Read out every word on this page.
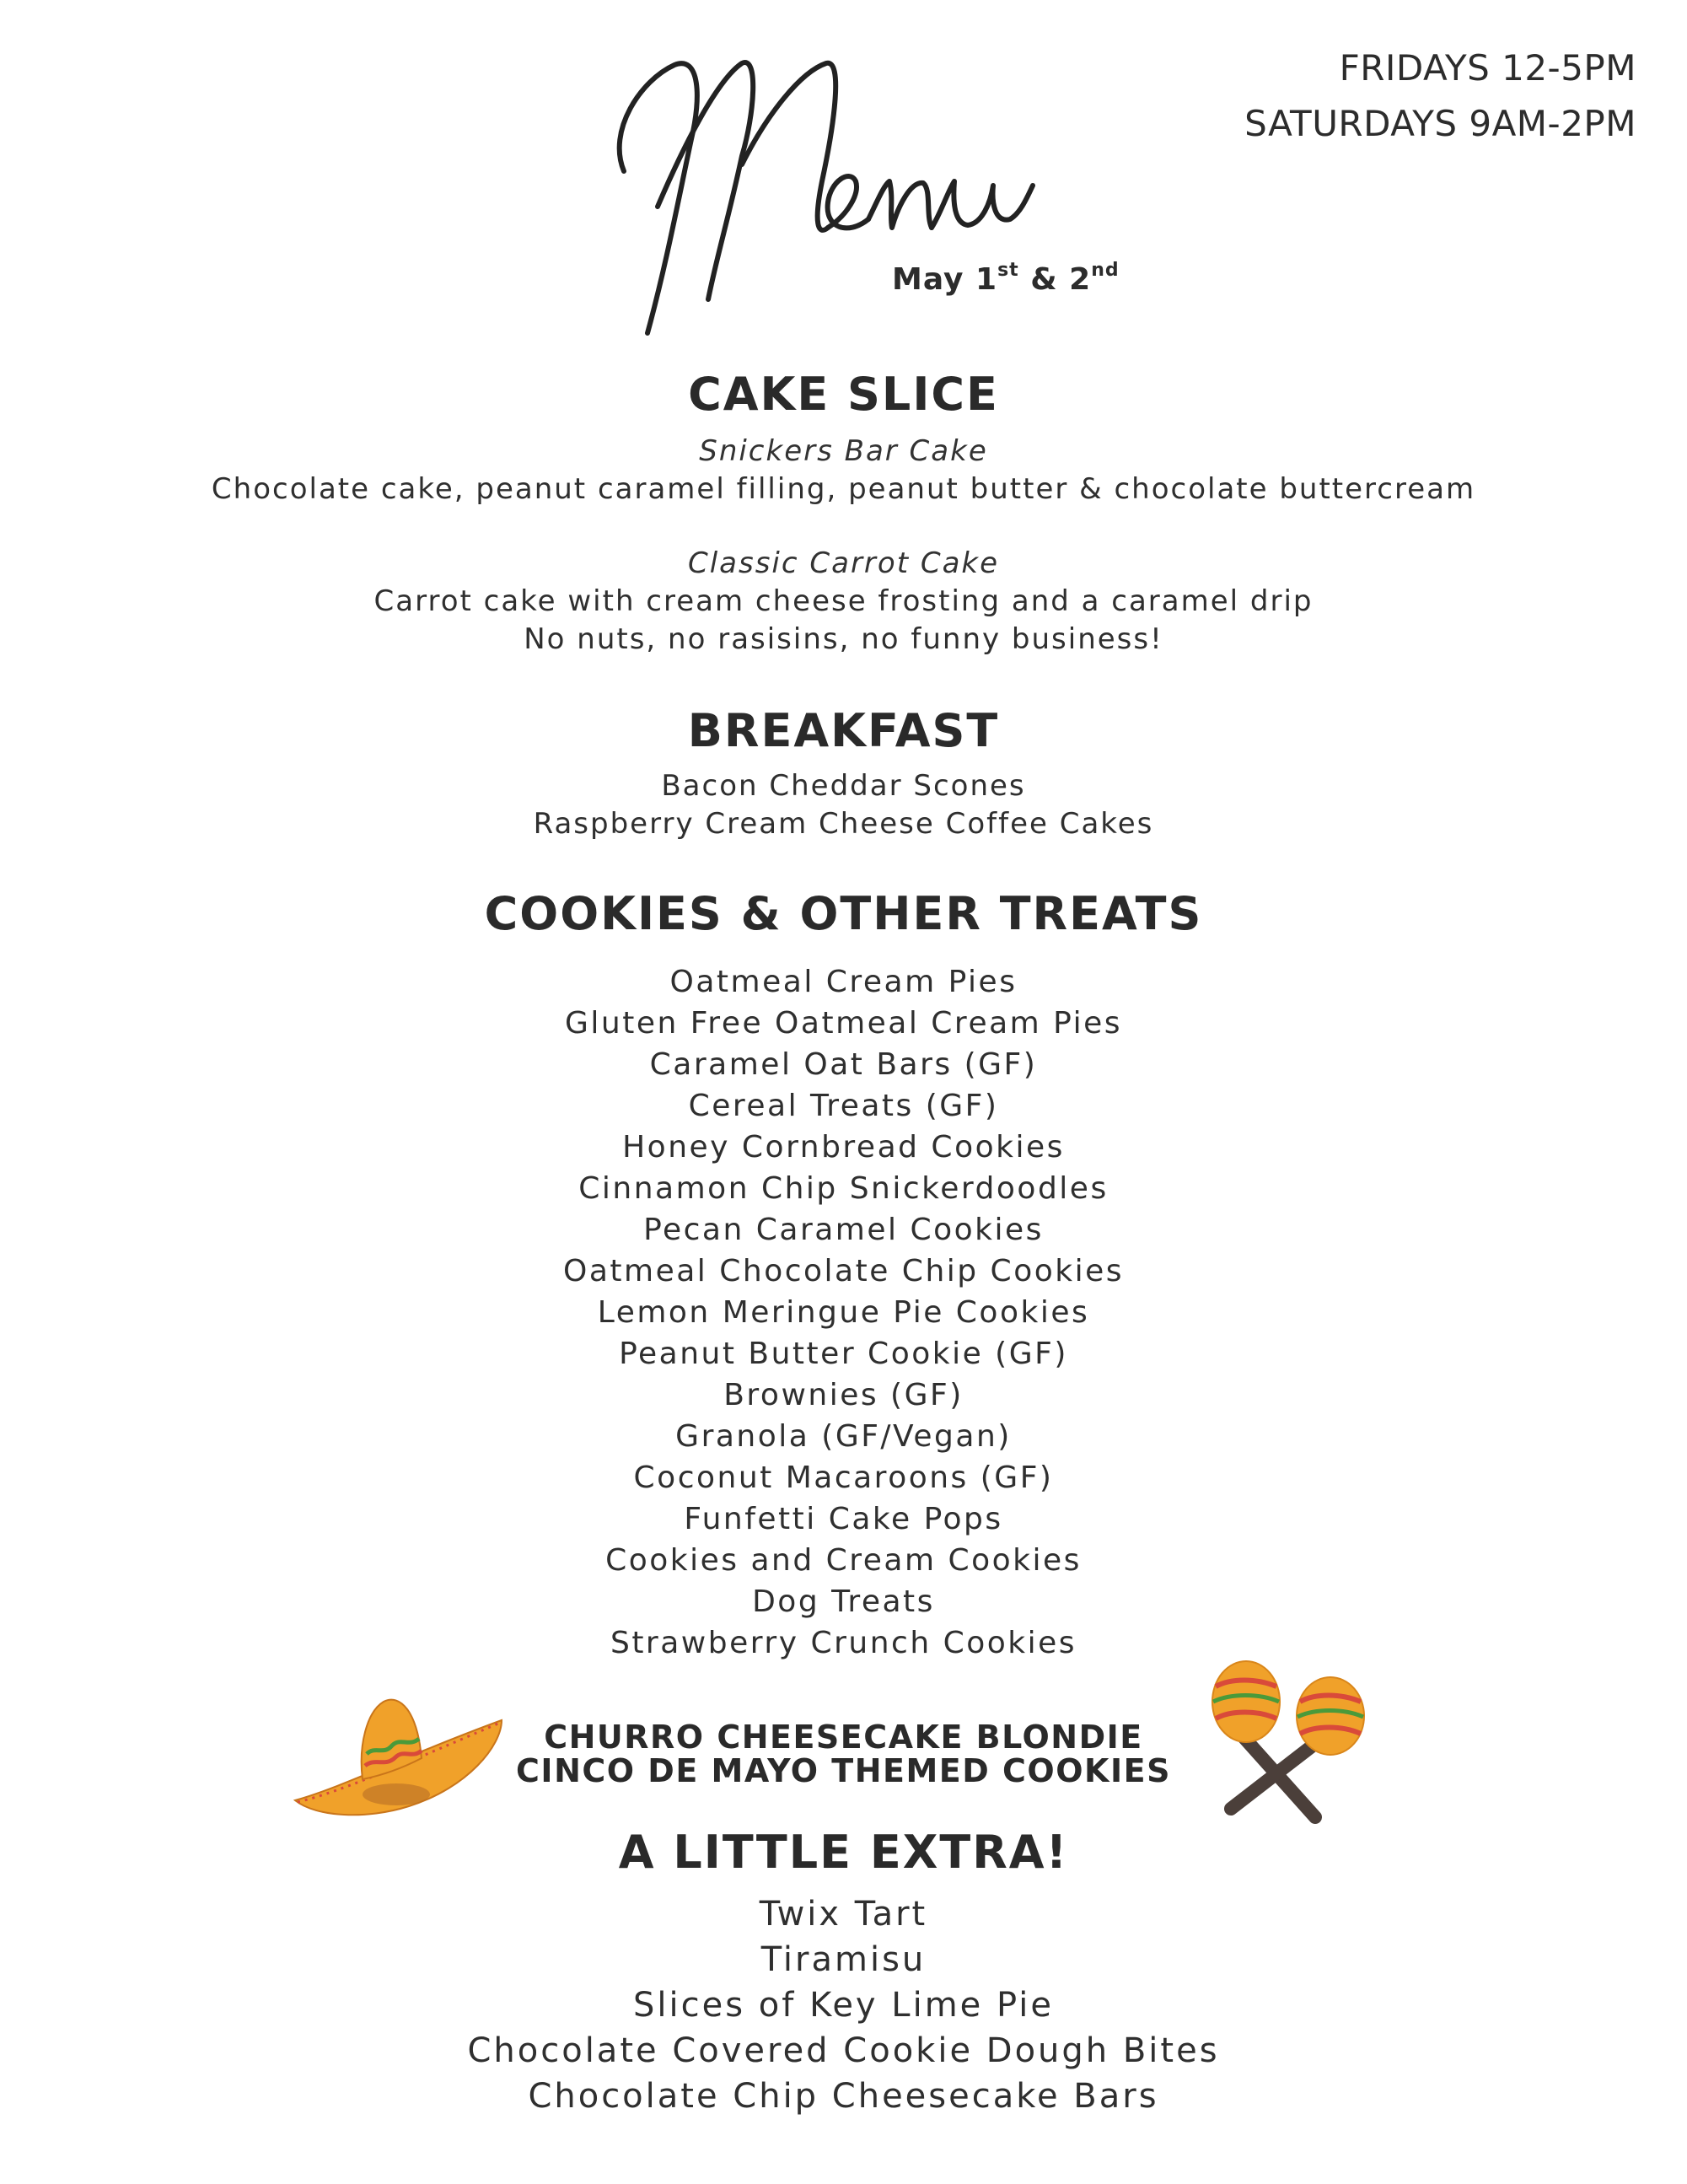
FRIDAYS 12-5PM
SATURDAYS 9AM-2PM
May 1st & 2nd
CAKE SLICE
Snickers Bar Cake
Chocolate cake, peanut caramel filling, peanut butter & chocolate buttercream
Classic Carrot Cake
Carrot cake with cream cheese frosting and a caramel drip
No nuts, no rasisins, no funny business!
BREAKFAST
Bacon Cheddar Scones
Raspberry Cream Cheese Coffee Cakes
COOKIES & OTHER TREATS
Oatmeal Cream Pies
Gluten Free Oatmeal Cream Pies
Caramel Oat Bars (GF)
Cereal Treats (GF)
Honey Cornbread Cookies
Cinnamon Chip Snickerdoodles
Pecan Caramel Cookies
Oatmeal Chocolate Chip Cookies
Lemon Meringue Pie Cookies
Peanut Butter Cookie (GF)
Brownies (GF)
Granola (GF/Vegan)
Coconut Macaroons (GF)
Funfetti Cake Pops
Cookies and Cream Cookies
Dog Treats
Strawberry Crunch Cookies
CHURRO CHEESECAKE BLONDIE
CINCO DE MAYO THEMED COOKIES
A LITTLE EXTRA!
Twix Tart
Tiramisu
Slices of Key Lime Pie
Chocolate Covered Cookie Dough Bites
Chocolate Chip Cheesecake Bars
